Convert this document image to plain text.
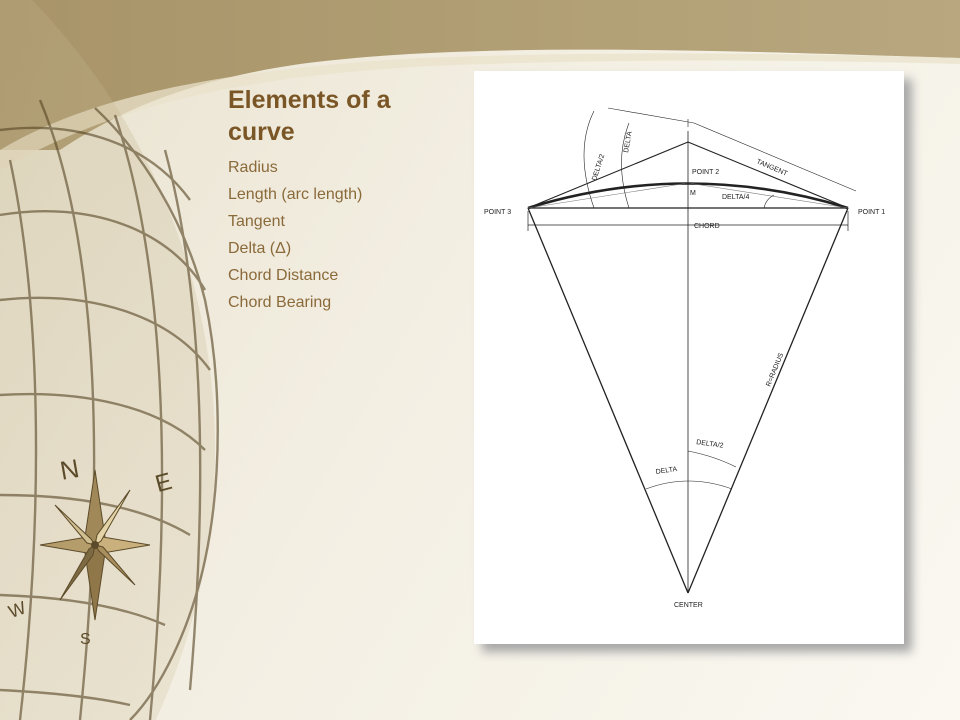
N	E
W
S
Elements of a curve
Radius
Length (arc length)
Tangent
Delta (Δ)
Chord Distance
Chord Bearing
POINT 3	POINT 1
POINT 2
CHORD
DELTA/4
M
TANGENT
DELTA/2
DELTA
R=RADIUS
DELTA/2
DELTA
CENTER
